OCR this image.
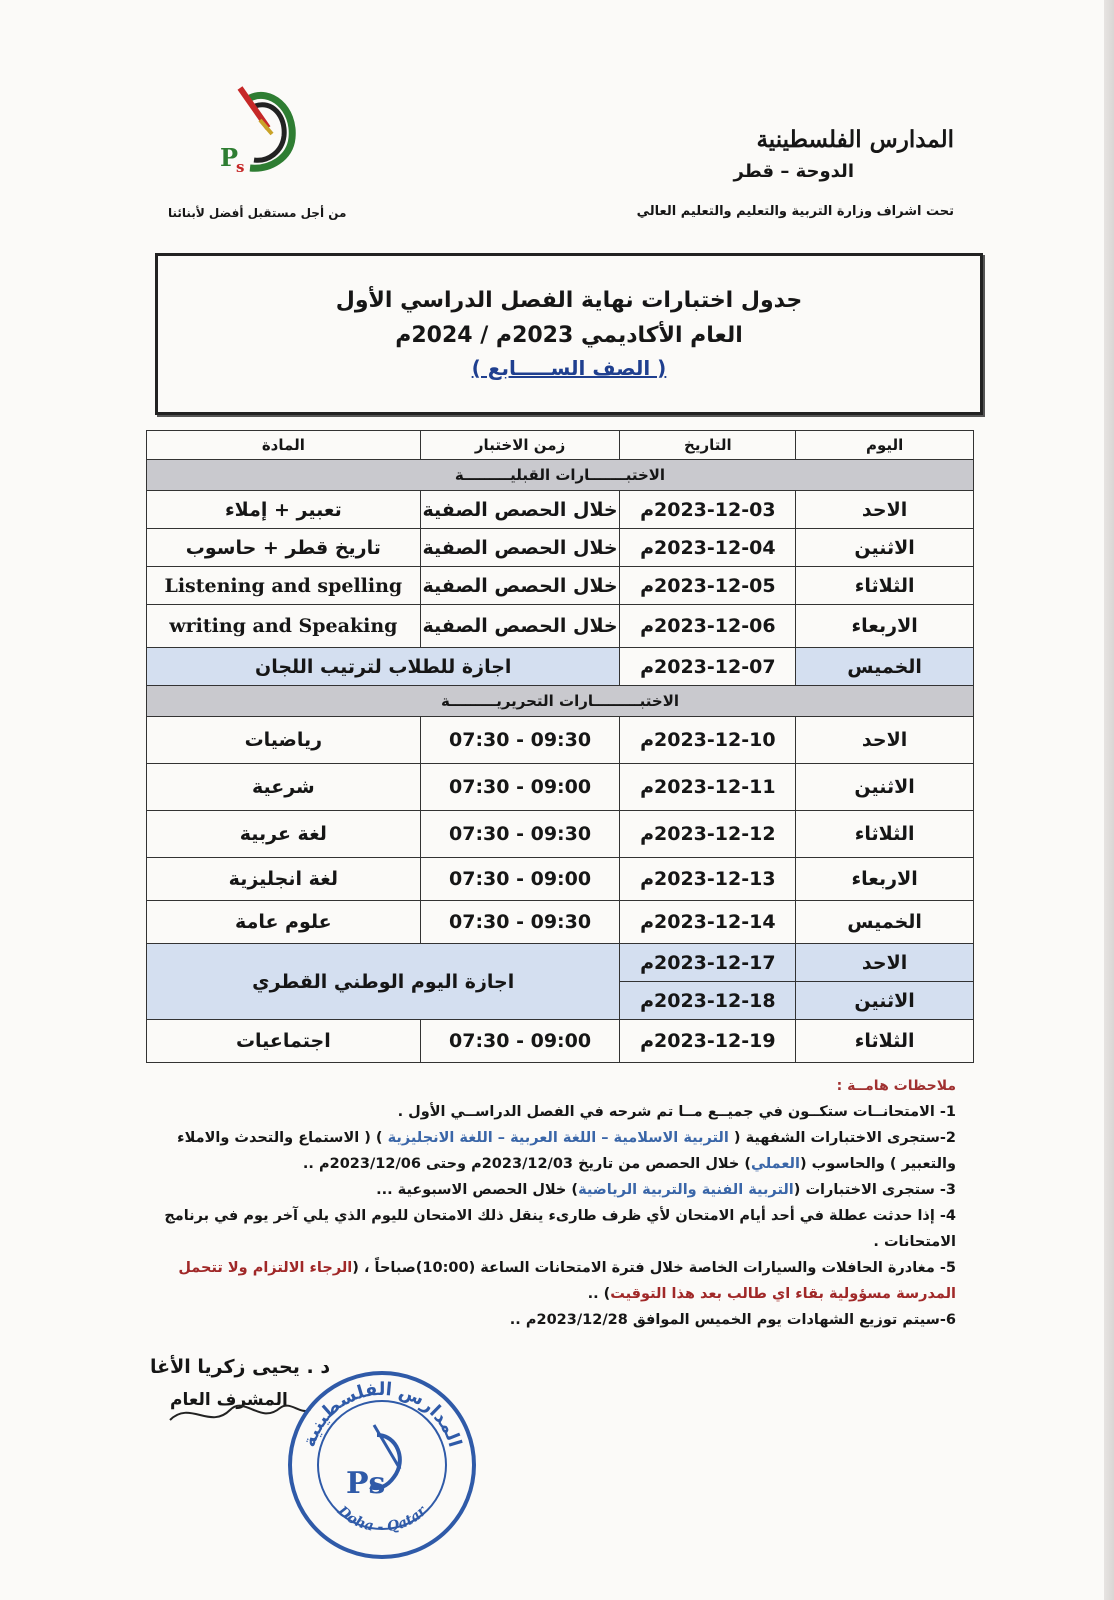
P
s
المدارس الفلسطينية
الدوحة – قطر
تحت اشراف وزارة التربية والتعليم والتعليم العالي
من أجل مستقبل أفضل لأبنائنا
جدول اختبارات نهاية الفصل الدراسي الأول
العام الأكاديمي 2023م / 2024م
( الصف الســـــابع )
اليوم	التاريخ	زمن الاختبار	المادة
الاختبـــــــارات القبليـــــــــة			
الاحد	2023-12-03م	خلال الحصص الصفية	تعبير + إملاء
الاثنين	2023-12-04م	خلال الحصص الصفية	تاريخ قطر + حاسوب
الثلاثاء	2023-12-05م	خلال الحصص الصفية	Listening and spelling
الاربعاء	2023-12-06م	خلال الحصص الصفية	writing and Speaking
الخميس	2023-12-07م	اجازة للطلاب لترتيب اللجان	
الاختبـــــــــارات التحريريـــــــــة			
الاحد	2023-12-10م	07:30 - 09:30	رياضيات
الاثنين	2023-12-11م	07:30 - 09:00	شرعية
الثلاثاء	2023-12-12م	07:30 - 09:30	لغة عربية
الاربعاء	2023-12-13م	07:30 - 09:00	لغة انجليزية
الخميس	2023-12-14م	07:30 - 09:30	علوم عامة
الاحد	2023-12-17م	اجازة اليوم الوطني القطري	
الاثنين	2023-12-18م		
الثلاثاء	2023-12-19م	07:30 - 09:00	اجتماعيات
ملاحظات هامــة :
1- الامتحانــات ستكــون في جميــع مــا تم شرحه في الفصل الدراســي الأول .
2-ستجرى الاختبارات الشفهية ( التربية الاسلامية – اللغة العربية – اللغة الانجليزية ) ( الاستماع والتحدث والاملاء والتعبير ) والحاسوب (العملي) خلال الحصص من تاريخ 2023/12/03م وحتى 2023/12/06م ..
3- ستجرى الاختبارات (التربية الفنية والتربية الرياضية) خلال الحصص الاسبوعية ...
4- إذا حدثت عطلة في أحد أيام الامتحان لأي ظرف طارىء ينقل ذلك الامتحان لليوم الذي يلي آخر يوم في برنامج الامتحانات .
5- مغادرة الحافلات والسيارات الخاصة خلال فترة الامتحانات الساعة (10:00)صباحاً ، (الرجاء الالتزام ولا تتحمل المدرسة مسؤولية بقاء اي طالب بعد هذا التوقيت) ..
6-سيتم توزيع الشهادات يوم الخميس الموافق 2023/12/28م ..
د . يحيى زكريا الأغا
المشرف العام
المدارس الفلسطينية
Doha - Qatar
Ps
